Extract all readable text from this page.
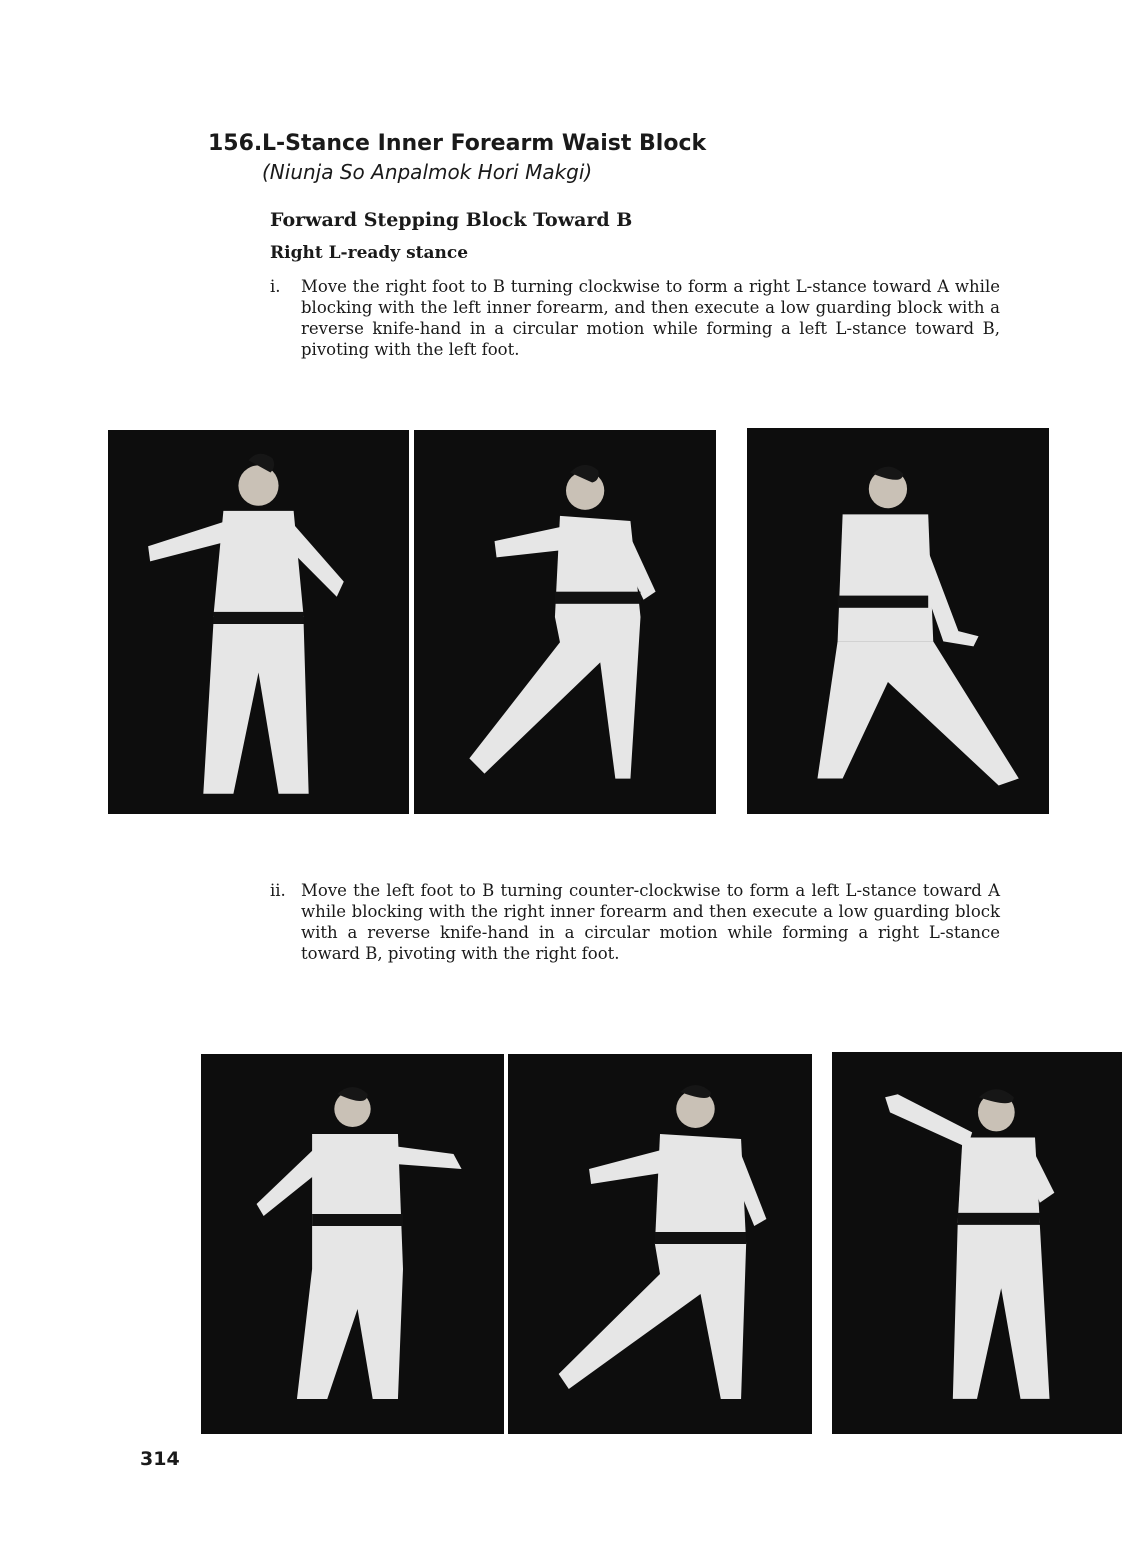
156. L-Stance Inner Forearm Waist Block
(Niunja So Anpalmok Hori Makgi)
Forward Stepping Block Toward B
Right L-ready stance
i. Move the right foot to B turning clockwise to form a right L-stance toward A while blocking with the left inner forearm, and then execute a low guarding block with a reverse knife-hand in a circular motion while forming a left L-stance toward B, pivoting with the left foot.
ii. Move the left foot to B turning counter-clockwise to form a left L-stance toward A while blocking with the right inner forearm and then execute a low guarding block with a reverse knife-hand in a circular motion while forming a right L-stance toward B, pivoting with the right foot.
314
